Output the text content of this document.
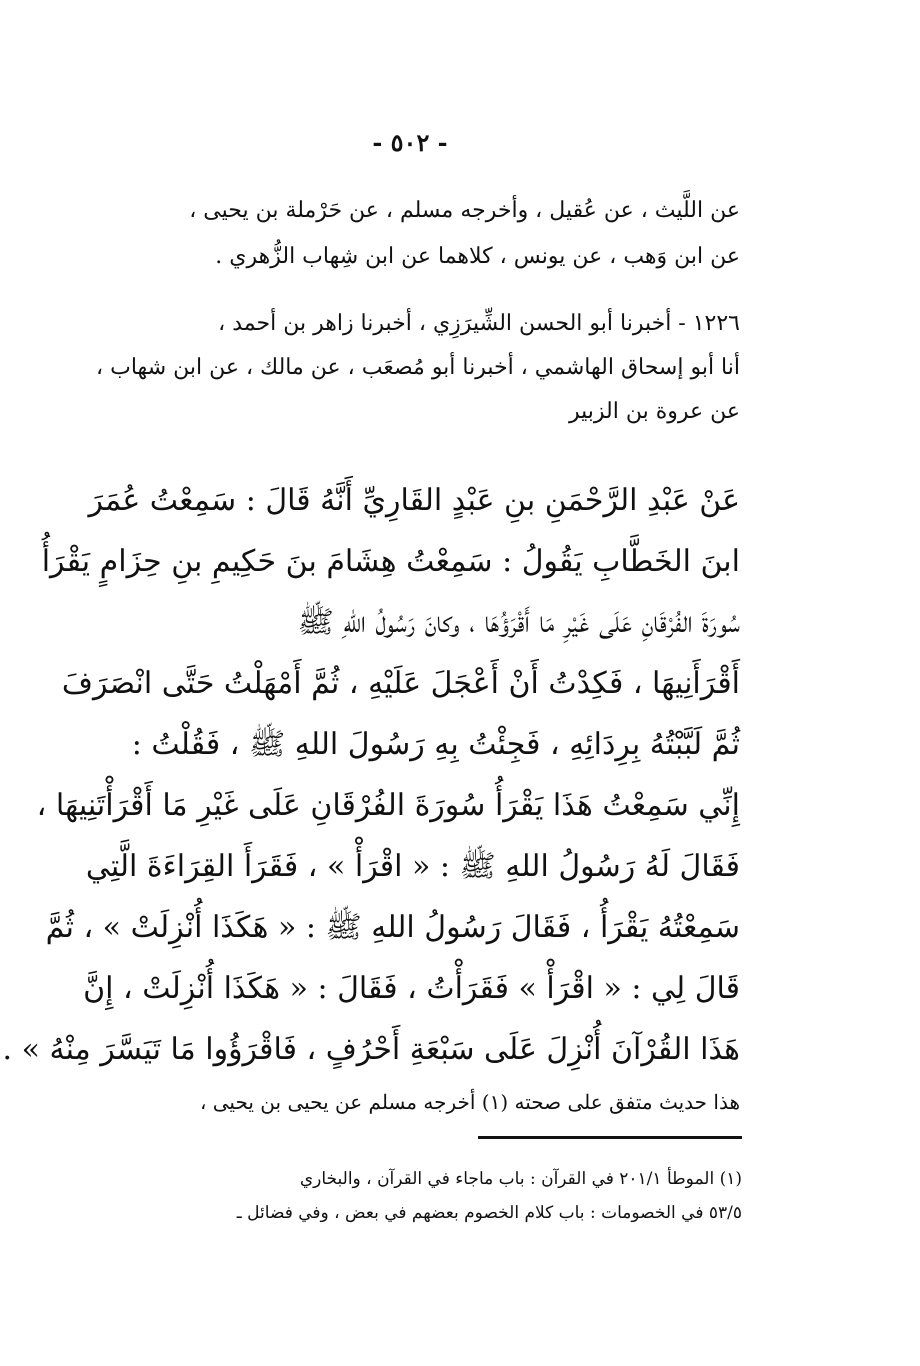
- ٥٠٢ -
عن اللَّيث ، عن عُقيل ، وأخرجه مسلم ، عن حَرْملة بن يحيى ،
عن ابن وَهب ، عن يونس ، كلاهما عن ابن شِهاب الزُّهري .
١٢٢٦ - أخبرنا أبو الحسن الشِّيرَزِي ، أخبرنا زاهر بن أحمد ،
أنا أبو إسحاق الهاشمي ، أخبرنا أبو مُصعَب ، عن مالك ، عن ابن شهاب ،
عن عروة بن الزبير
عَنْ عَبْدِ الرَّحْمَنِ بنِ عَبْدٍ القَارِيِّ أَنَّهُ قَالَ : سَمِعْتُ عُمَرَ
ابنَ الخَطَّابِ يَقُولُ : سَمِعْتُ هِشَامَ بنَ حَكِيمِ بنِ حِزَامٍ يَقْرَأُ
سُورَةَ الفُرْقَانِ عَلَى غَيْرِ مَا أَقْرَؤُهَا ، وكانَ رَسُولُ اللهِ ﷺ
أَقْرَأَنِيهَا ، فَكِدْتُ أَنْ أَعْجَلَ عَلَيْهِ ، ثُمَّ أَمْهَلْتُ حَتَّى انْصَرَفَ
ثُمَّ لَبَّبْتُهُ بِرِدَائِهِ ، فَجِئْتُ بِهِ رَسُولَ اللهِ ﷺ ، فَقُلْتُ :
إِنِّي سَمِعْتُ هَذَا يَقْرَأُ سُورَةَ الفُرْقَانِ عَلَى غَيْرِ مَا أَقْرَأْتَنِيهَا ،
فَقَالَ لَهُ رَسُولُ اللهِ ﷺ : « اقْرَأْ » ، فَقَرَأَ القِرَاءَةَ الَّتِي
سَمِعْتُهُ يَقْرَأُ ، فَقَالَ رَسُولُ اللهِ ﷺ : « هَكَذَا أُنْزِلَتْ » ، ثُمَّ
قَالَ لِي : « اقْرَأْ » فَقَرَأْتُ ، فَقَالَ : « هَكَذَا أُنْزِلَتْ ، إِنَّ
هَذَا القُرْآنَ أُنْزِلَ عَلَى سَبْعَةِ أَحْرُفٍ ، فَاقْرَؤُوا مَا تَيَسَّرَ مِنْهُ » .
هذا حديث متفق على صحته (١) أخرجه مسلم عن يحيى بن يحيى ،
(١) الموطأ ٢٠١/١ في القرآن : باب ماجاء في القرآن ، والبخاري
٥٣/٥ في الخصومات : باب كلام الخصوم بعضهم في بعض ، وفي فضائل ـ
